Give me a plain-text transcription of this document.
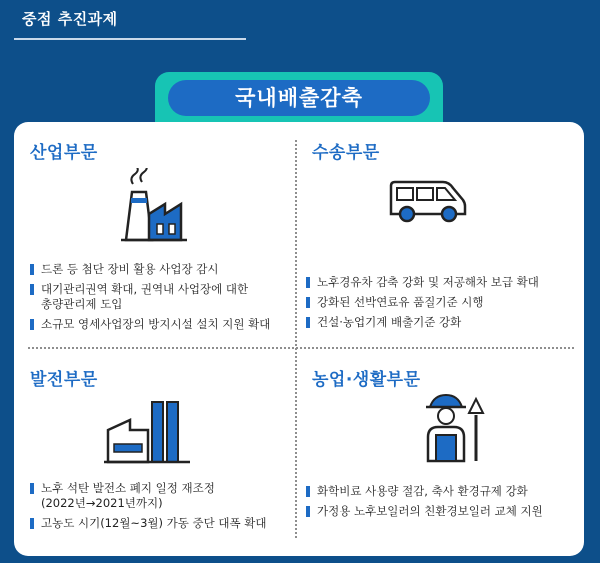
중점 추진과제
국내배출감축
산업부문
드론 등 첨단 장비 활용 사업장 감시
대기관리권역 확대, 권역내 사업장에 대한
총량관리제 도입
소규모 영세사업장의 방지시설 설치 지원 확대
수송부문
노후경유차 감축 강화 및 저공해차 보급 확대
강화된 선박연료유 품질기준 시행
건설·농업기계 배출기준 강화
발전부문
노후 석탄 발전소 폐지 일정 재조정
(2022년→2021년까지)
고농도 시기(12월~3월) 가동 중단 대폭 확대
농업·생활부문
화학비료 사용량 절감, 축사 환경규제 강화
가정용 노후보일러의 친환경보일러 교체 지원
